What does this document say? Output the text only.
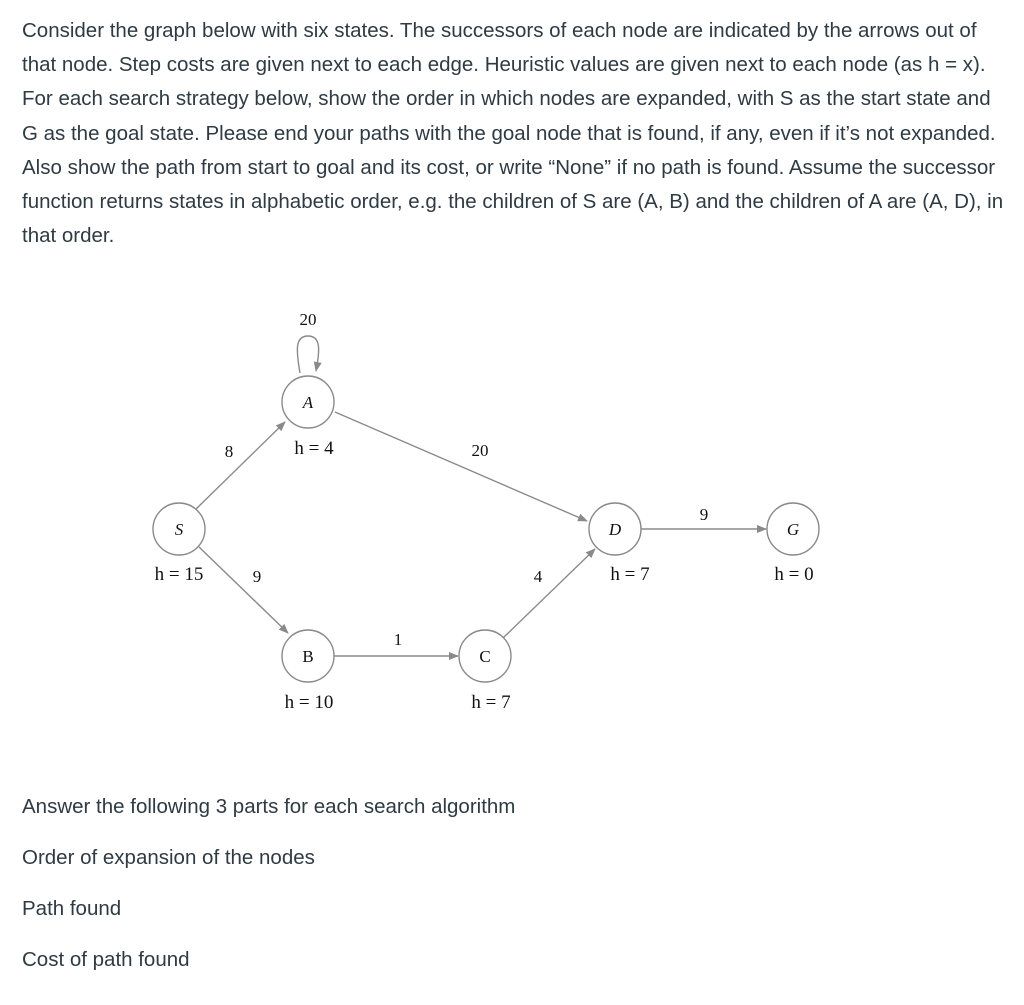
Consider the graph below with six states. The successors of each node are indicated by the arrows out of that node. Step costs are given next to each edge. Heuristic values are given next to each node (as h = x). For each search strategy below, show the order in which nodes are expanded, with S as the start state and G as the goal state. Please end your paths with the goal node that is found, if any, even if it’s not expanded. Also show the path from start to goal and its cost, or write “None” if no path is found. Assume the successor function returns states in alphabetic order, e.g. the children of S are (A, B) and the children of A are (A, D), in that order.

8
9
20
20
1
4
9
S
A
B	C
D	G
h = 15
h = 4
h = 10	h = 7
h = 7	h = 0

Answer the following 3 parts for each search algorithm

Order of expansion of the nodes

Path found

Cost of path found
